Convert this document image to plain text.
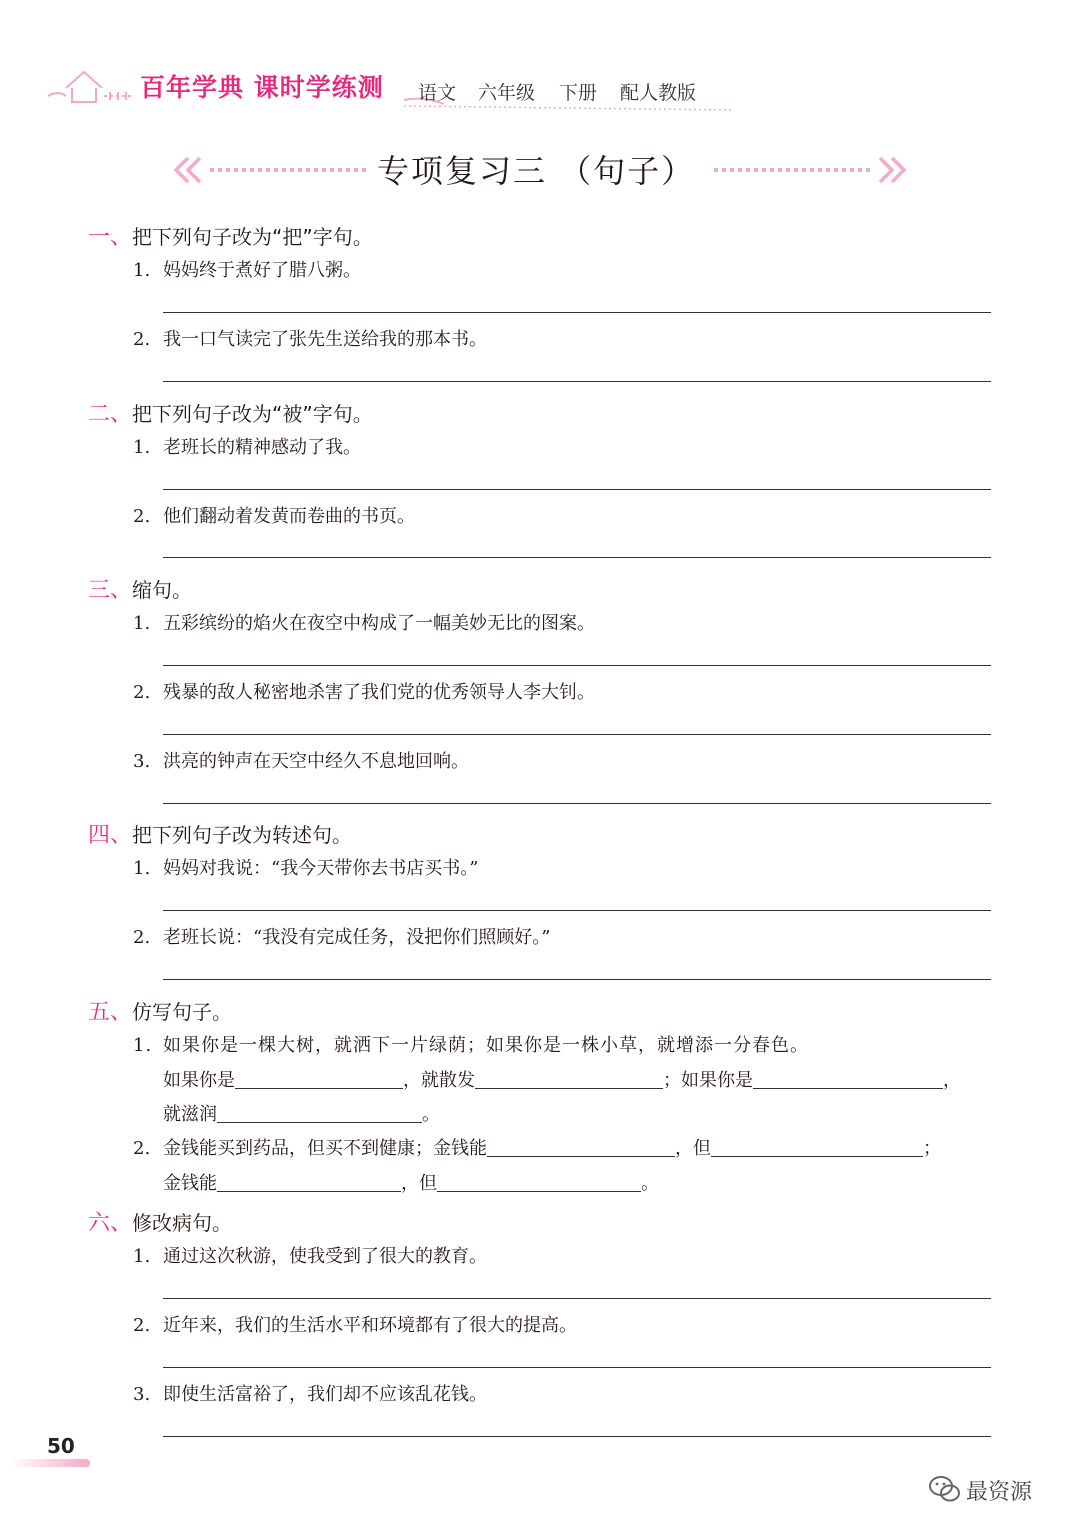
百年学典 课时学练测 语文 六年级 下册 配人教版
专项复习三 （句子）
一、把下列句子改为“把”字句。
1. 妈妈终于煮好了腊八粥。
2. 我一口气读完了张先生送给我的那本书。
二、把下列句子改为“被”字句。
1. 老班长的精神感动了我。
2. 他们翻动着发黄而卷曲的书页。
三、缩句。
1. 五彩缤纷的焰火在夜空中构成了一幅美妙无比的图案。
2. 残暴的敌人秘密地杀害了我们党的优秀领导人李大钊。
3. 洪亮的钟声在天空中经久不息地回响。
四、把下列句子改为转述句。
1. 妈妈对我说：“我今天带你去书店买书。”
2. 老班长说：“我没有完成任务，没把你们照顾好。”
五、仿写句子。
1. 如果你是一棵大树，就洒下一片绿荫；如果你是一株小草，就增添一分春色。
如果你是	，就散发	；如果你是	，
就滋润	。
2. 金钱能买到药品，但买不到健康；金钱能	，但	；
金钱能	，但	。
六、修改病句。
1. 通过这次秋游，使我受到了很大的教育。
2. 近年来，我们的生活水平和环境都有了很大的提高。
3. 即使生活富裕了，我们却不应该乱花钱。
50
最资源
